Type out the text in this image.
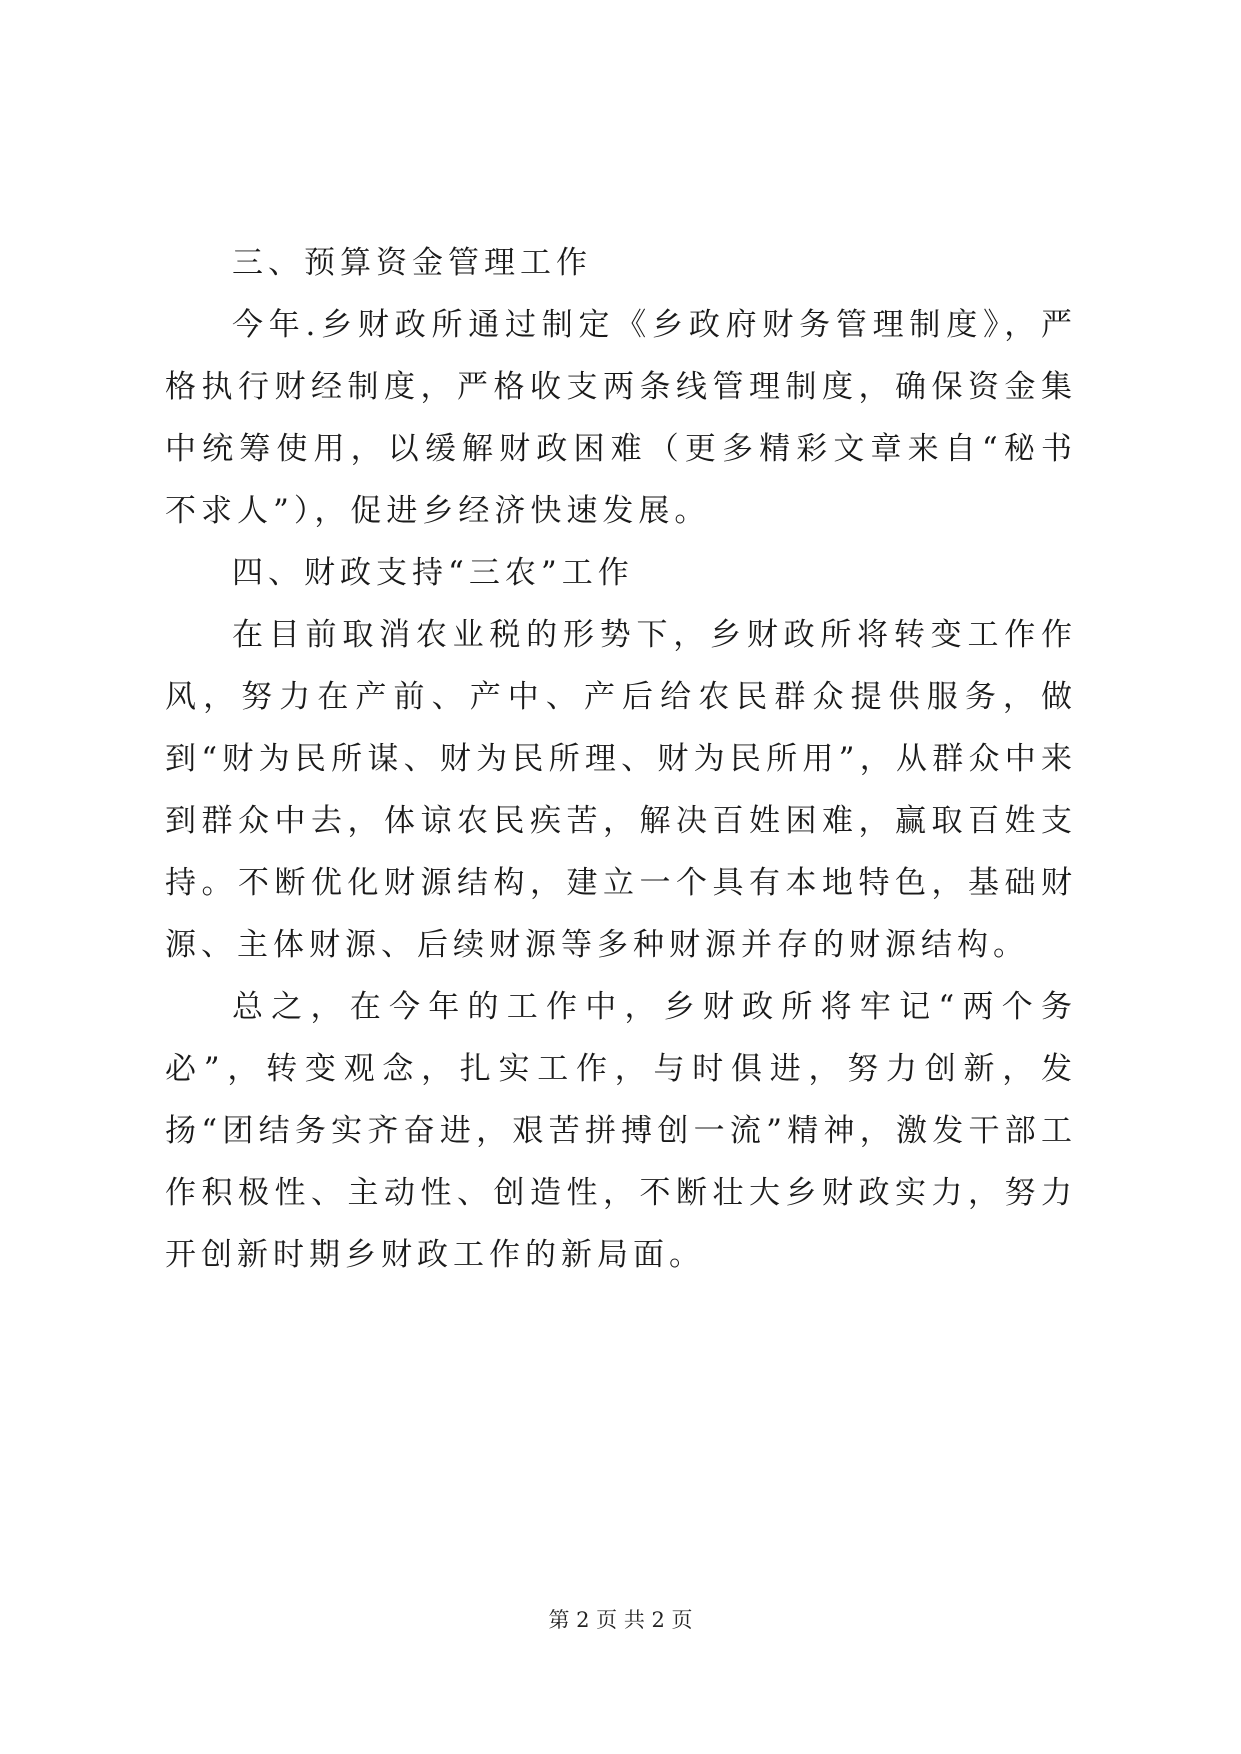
三、预算资金管理工作

今年.乡财政所通过制定《乡政府财务管理制度》，严格执行财经制度，严格收支两条线管理制度，确保资金集中统筹使用，以缓解财政困难（更多精彩文章来自“秘书不求人”），促进乡经济快速发展。

四、财政支持“三农”工作

在目前取消农业税的形势下，乡财政所将转变工作作风，努力在产前、产中、产后给农民群众提供服务，做到“财为民所谋、财为民所理、财为民所用”，从群众中来到群众中去，体谅农民疾苦，解决百姓困难，赢取百姓支持。不断优化财源结构，建立一个具有本地特色，基础财源、主体财源、后续财源等多种财源并存的财源结构。

总之，在今年的工作中，乡财政所将牢记“两个务必”，转变观念，扎实工作，与时俱进，努力创新，发扬“团结务实齐奋进，艰苦拼搏创一流”精神，激发干部工作积极性、主动性、创造性，不断壮大乡财政实力，努力开创新时期乡财政工作的新局面。

第 2 页 共 2 页
